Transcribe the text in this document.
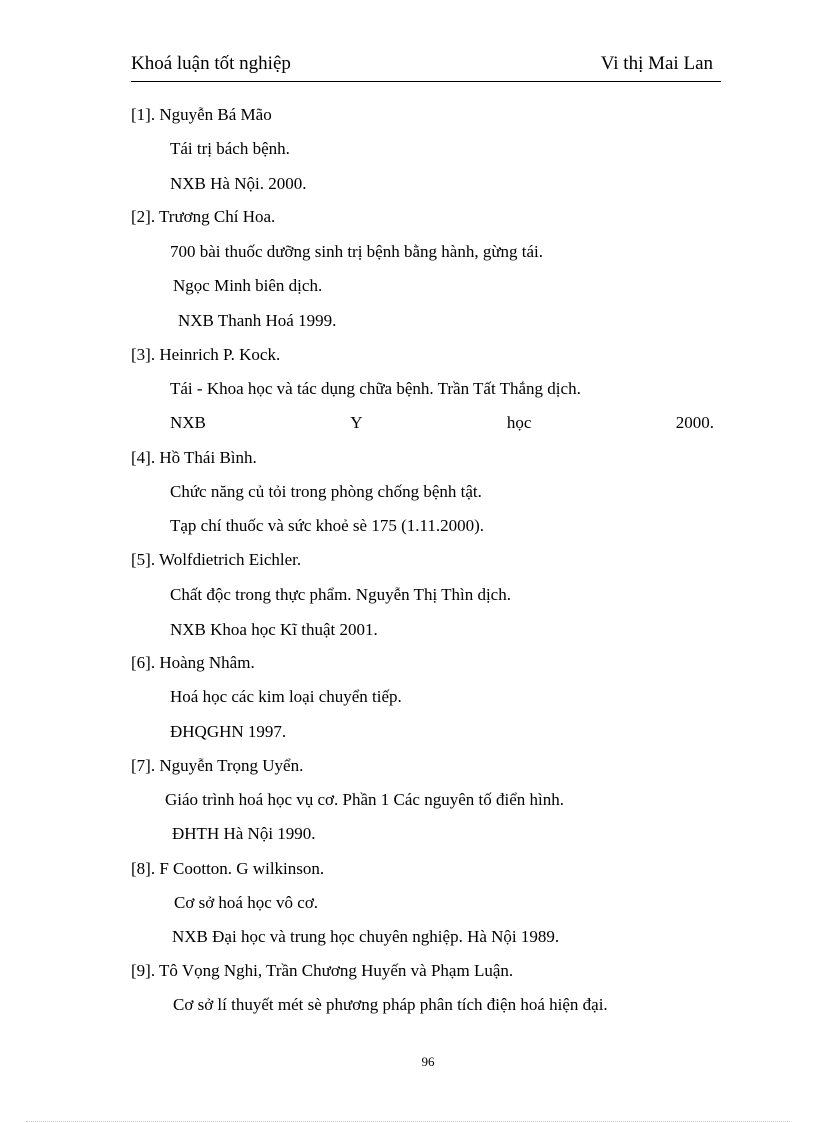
Khoá luận tốt nghiệp	Vi thị Mai Lan
[1]. Nguyễn Bá Mão
Tái trị bách bệnh.
NXB Hà Nội. 2000.
[2]. Trương Chí Hoa.
700 bài thuốc dưỡng sinh trị bệnh bằng hành, gừng tái.
Ngọc Minh biên dịch.
NXB Thanh Hoá 1999.
[3]. Heinrich P. Kock.
Tái - Khoa học và tác dụng chữa bệnh. Trần Tất Thắng dịch.
NXB	Y	học	2000.
[4]. Hồ Thái Bình.
Chức năng củ tỏi trong phòng chống bệnh tật.
Tạp chí thuốc và sức khoẻ sè 175 (1.11.2000).
[5]. Wolfdietrich Eichler.
Chất độc trong thực phẩm. Nguyễn Thị Thìn dịch.
NXB Khoa học Kĩ thuật 2001.
[6]. Hoàng Nhâm.
Hoá học các kim loại chuyển tiếp.
ĐHQGHN 1997.
[7]. Nguyễn Trọng Uyển.
Giáo trình hoá học vụ cơ. Phần 1 Các nguyên tố điển hình.
ĐHTH Hà Nội 1990.
[8]. F Cootton. G wilkinson.
Cơ sở hoá học vô cơ.
NXB Đại học và trung học chuyên nghiệp. Hà Nội 1989.
[9]. Tô Vọng Nghi, Trần Chương Huyến và Phạm Luận.
Cơ sở lí thuyết mét sè phương pháp phân tích điện hoá hiện đại.
96
